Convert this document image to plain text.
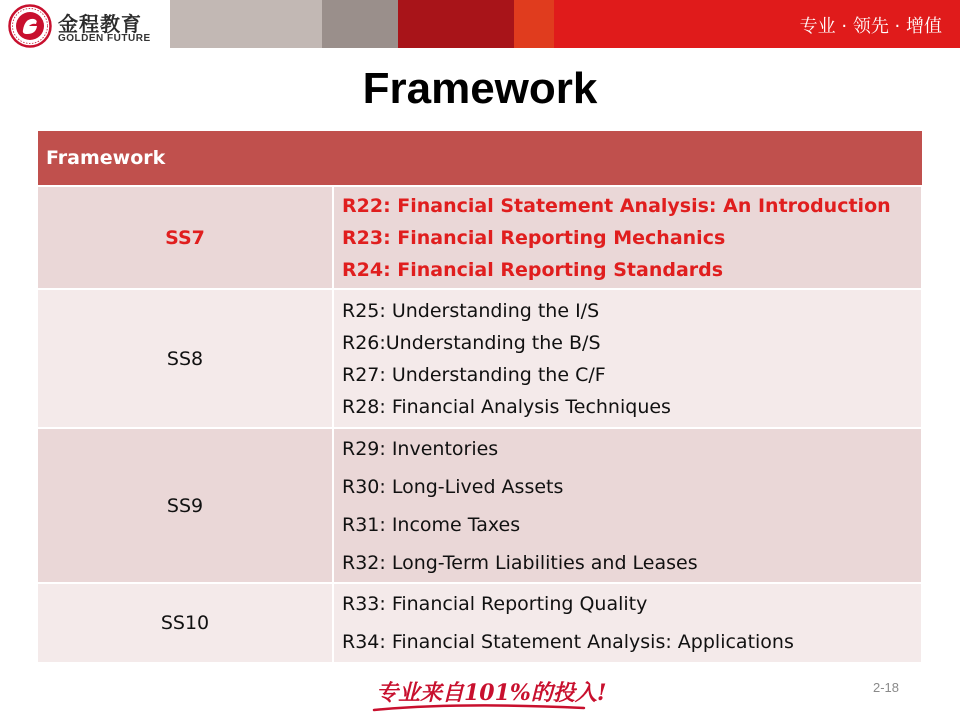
金程教育
GOLDEN FUTURE
专业 · 领先 · 增值
Framework
Framework	
SS7	R22: Financial Statement Analysis: An Introduction
R23: Financial Reporting Mechanics
R24: Financial Reporting Standards

SS8	R25: Understanding the I/S
R26:Understanding the B/S
R27: Understanding the C/F
R28: Financial Analysis Techniques

SS9	R29: Inventories
R30: Long-Lived Assets
R31: Income Taxes
R32: Long-Term Liabilities and Leases

SS10	R33: Financial Reporting Quality
R34: Financial Statement Analysis: Applications
专业来自101%的投入!	2-18
